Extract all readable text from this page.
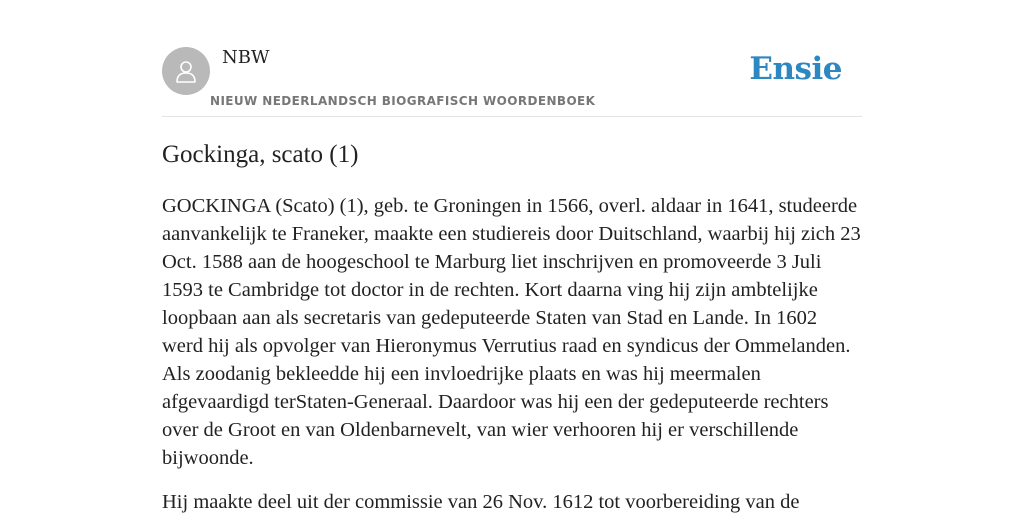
NBW
NIEUW NEDERLANDSCH BIOGRAFISCH WOORDENBOEK
Ensie
Gockinga, scato (1)

GOCKINGA (Scato) (1), geb. te Groningen in 1566, overl. aldaar in 1641, studeerde aanvankelijk te Franeker, maakte een studiereis door Duitschland, waarbij hij zich 23 Oct. 1588 aan de hoogeschool te Marburg liet inschrijven en promoveerde 3 Juli 1593 te Cambridge tot doctor in de rechten. Kort daarna ving hij zijn ambtelijke loopbaan aan als secretaris van gedeputeerde Staten van Stad en Lande. In 1602 werd hij als opvolger van Hieronymus Verrutius raad en syndicus der Ommelanden. Als zoodanig bekleedde hij een invloedrijke plaats en was hij meermalen afgevaardigd terStaten-Generaal. Daardoor was hij een der gedeputeerde rechters over de Groot en van Oldenbarnevelt, van wier verhooren hij er verschillende bijwoonde.

Hij maakte deel uit der commissie van 26 Nov. 1612 tot voorbereiding van de
